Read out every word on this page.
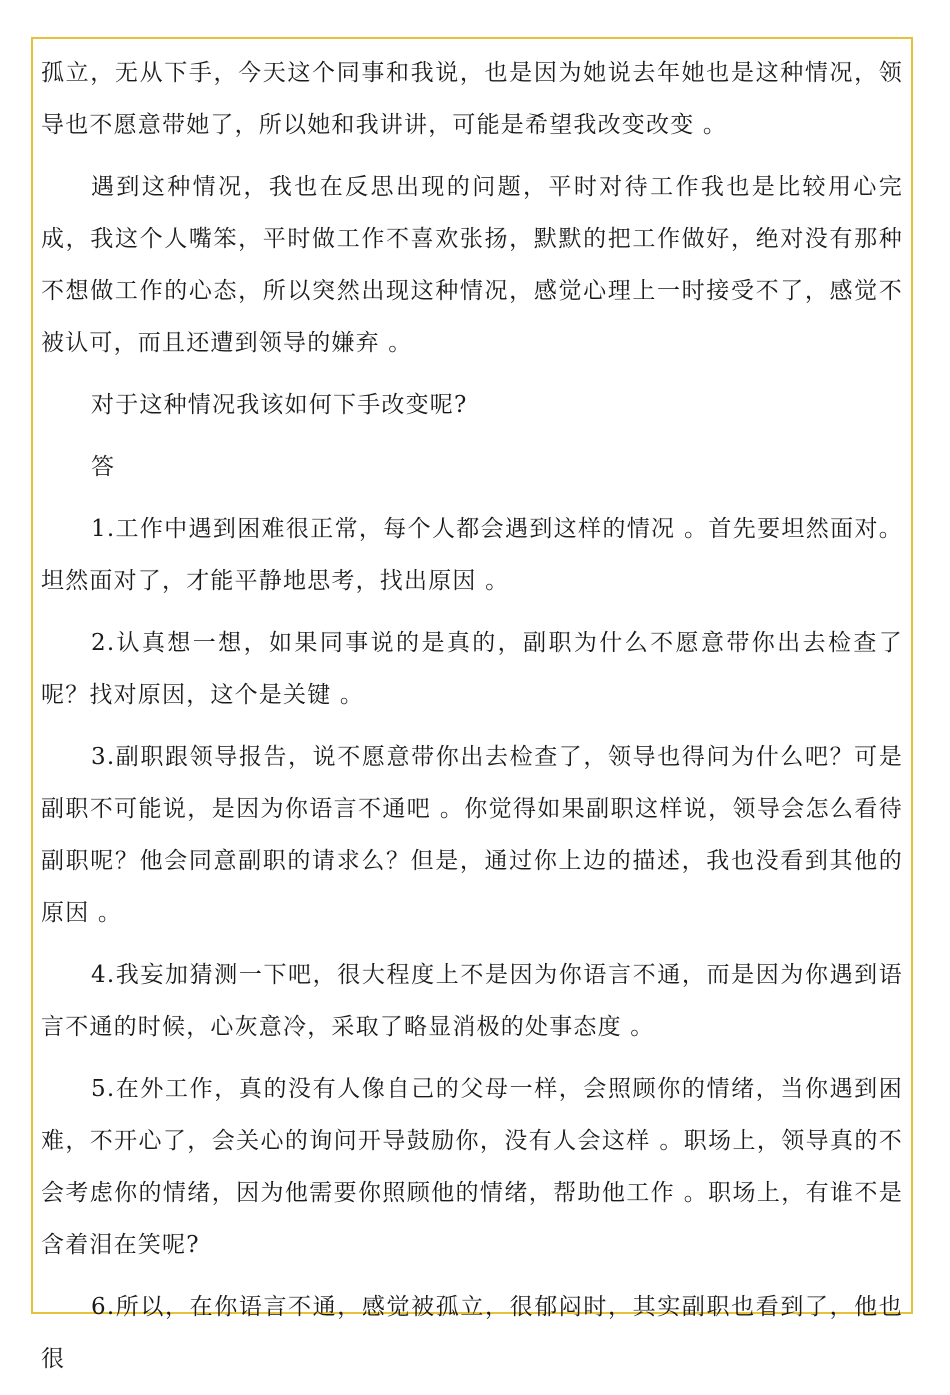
孤立，无从下手，今天这个同事和我说，也是因为她说去年她也是这种情况，领导也不愿意带她了，所以她和我讲讲，可能是希望我改变改变 。

遇到这种情况，我也在反思出现的问题，平时对待工作我也是比较用心完成，我这个人嘴笨，平时做工作不喜欢张扬，默默的把工作做好，绝对没有那种不想做工作的心态，所以突然出现这种情况，感觉心理上一时接受不了，感觉不被认可，而且还遭到领导的嫌弃 。

对于这种情况我该如何下手改变呢?

答

1.工作中遇到困难很正常，每个人都会遇到这样的情况 。首先要坦然面对。坦然面对了，才能平静地思考，找出原因 。

2.认真想一想，如果同事说的是真的，副职为什么不愿意带你出去检查了呢？找对原因，这个是关键 。

3.副职跟领导报告，说不愿意带你出去检查了，领导也得问为什么吧？可是副职不可能说，是因为你语言不通吧 。你觉得如果副职这样说，领导会怎么看待副职呢？他会同意副职的请求么？但是，通过你上边的描述，我也没看到其他的原因 。

4.我妄加猜测一下吧，很大程度上不是因为你语言不通，而是因为你遇到语言不通的时候，心灰意冷，采取了略显消极的处事态度 。

5.在外工作，真的没有人像自己的父母一样，会照顾你的情绪，当你遇到困难，不开心了，会关心的询问开导鼓励你，没有人会这样 。职场上，领导真的不会考虑你的情绪，因为他需要你照顾他的情绪，帮助他工作 。职场上，有谁不是含着泪在笑呢?

6.所以，在你语言不通，感觉被孤立，很郁闷时，其实副职也看到了，他也很
